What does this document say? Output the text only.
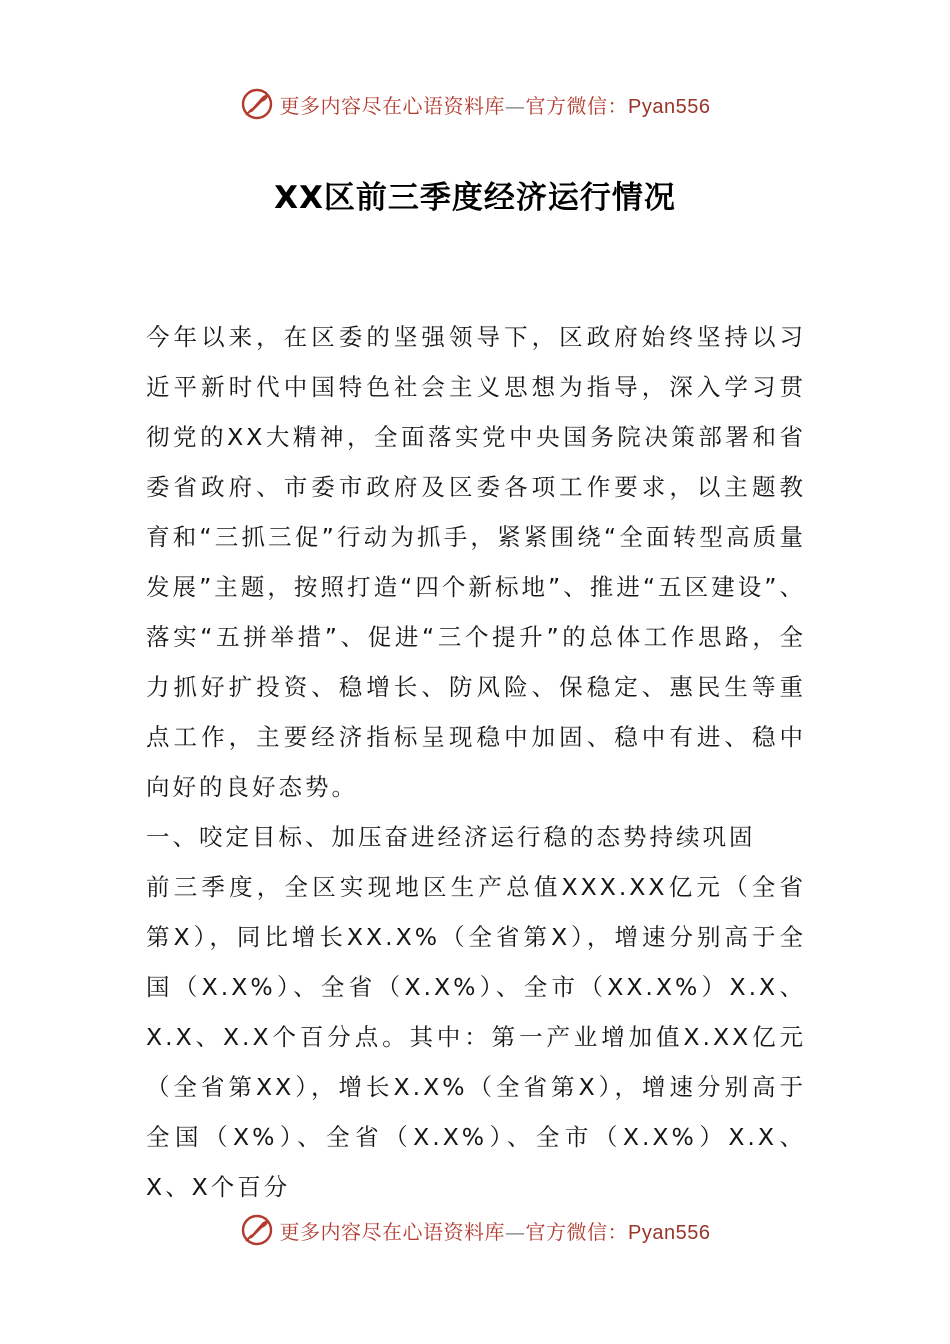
更多内容尽在心语资料库—官方微信：Pyan556
XX区前三季度经济运行情况

今年以来，在区委的坚强领导下，区政府始终坚持以习近平新时代中国特色社会主义思想为指导，深入学习贯彻党的XX大精神，全面落实党中央国务院决策部署和省委省政府、市委市政府及区委各项工作要求，以主题教育和“三抓三促”行动为抓手，紧紧围绕“全面转型高质量发展”主题，按照打造“四个新标地”、推进“五区建设”、落实“五拼举措”、促进“三个提升”的总体工作思路，全力抓好扩投资、稳增长、防风险、保稳定、惠民生等重点工作，主要经济指标呈现稳中加固、稳中有进、稳中向好的良好态势。

一、咬定目标、加压奋进经济运行稳的态势持续巩固

前三季度，全区实现地区生产总值XXX.XX亿元（全省第X），同比增长XX.X%（全省第X），增速分别高于全国（X.X%）、全省（X.X%）、全市（XX.X%）X.X、X.X、X.X个百分点。其中：第一产业增加值X.XX亿元（全省第XX），增长X.X%（全省第X），增速分别高于全国（X%）、全省（X.X%）、全市（X.X%）X.X、X、X个百分

更多内容尽在心语资料库—官方微信：Pyan556
